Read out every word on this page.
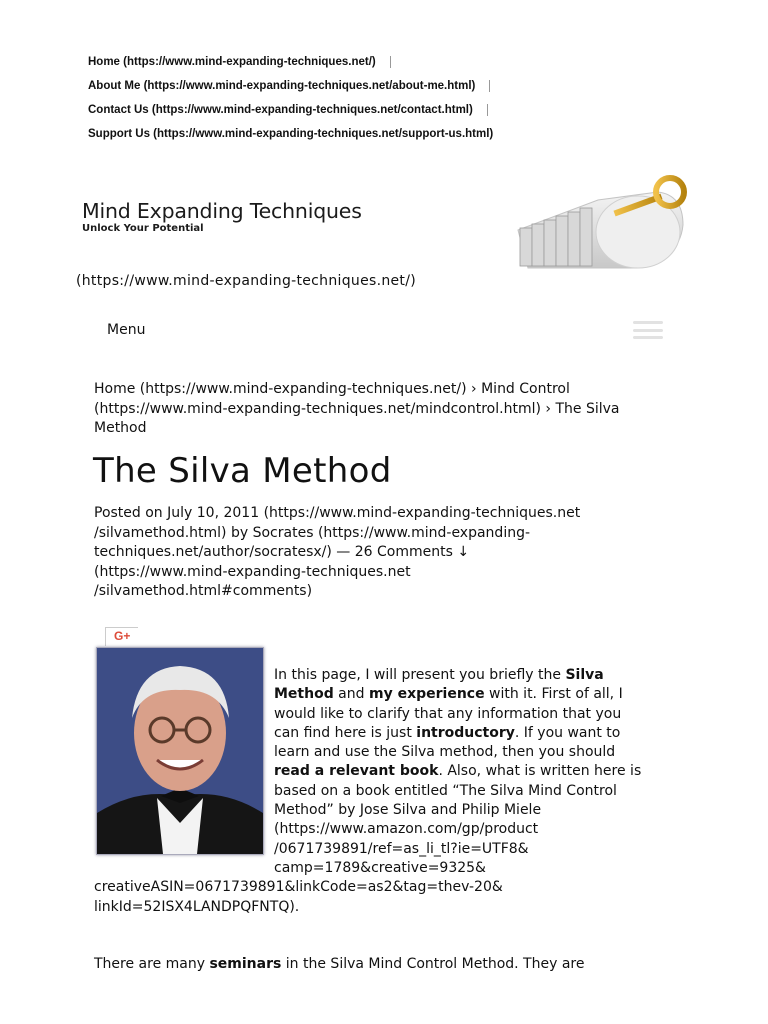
Home (https://www.mind-expanding-techniques.net/)
About Me (https://www.mind-expanding-techniques.net/about-me.html)
Contact Us (https://www.mind-expanding-techniques.net/contact.html)
Support Us (https://www.mind-expanding-techniques.net/support-us.html)
Mind Expanding Techniques
Unlock Your Potential
(https://www.mind-expanding-techniques.net/)
Menu
Home (https://www.mind-expanding-techniques.net/) › Mind Control (https://www.mind-expanding-techniques.net/mindcontrol.html) › The Silva Method
The Silva Method
Posted on July 10, 2011 (https://www.mind-expanding-techniques.net
/silvamethod.html) by Socrates (https://www.mind-expanding-
techniques.net/author/socratesx/) — 26 Comments ↓
(https://www.mind-expanding-techniques.net
/silvamethod.html#comments)
G+
In this page, I will present you briefly the Silva
Method and my experience with it. First of all, I
would like to clarify that any information that you
can find here is just introductory. If you want to
learn and use the Silva method, then you should
read a relevant book. Also, what is written here is
based on a book entitled “The Silva Mind Control
Method” by Jose Silva and Philip Miele
(https://www.amazon.com/gp/product
/0671739891/ref=as_li_tl?ie=UTF8&
camp=1789&creative=9325&
creativeASIN=0671739891&linkCode=as2&tag=thev-20&
linkId=52ISX4LANDPQFNTQ).
There are many seminars in the Silva Mind Control Method. They are
